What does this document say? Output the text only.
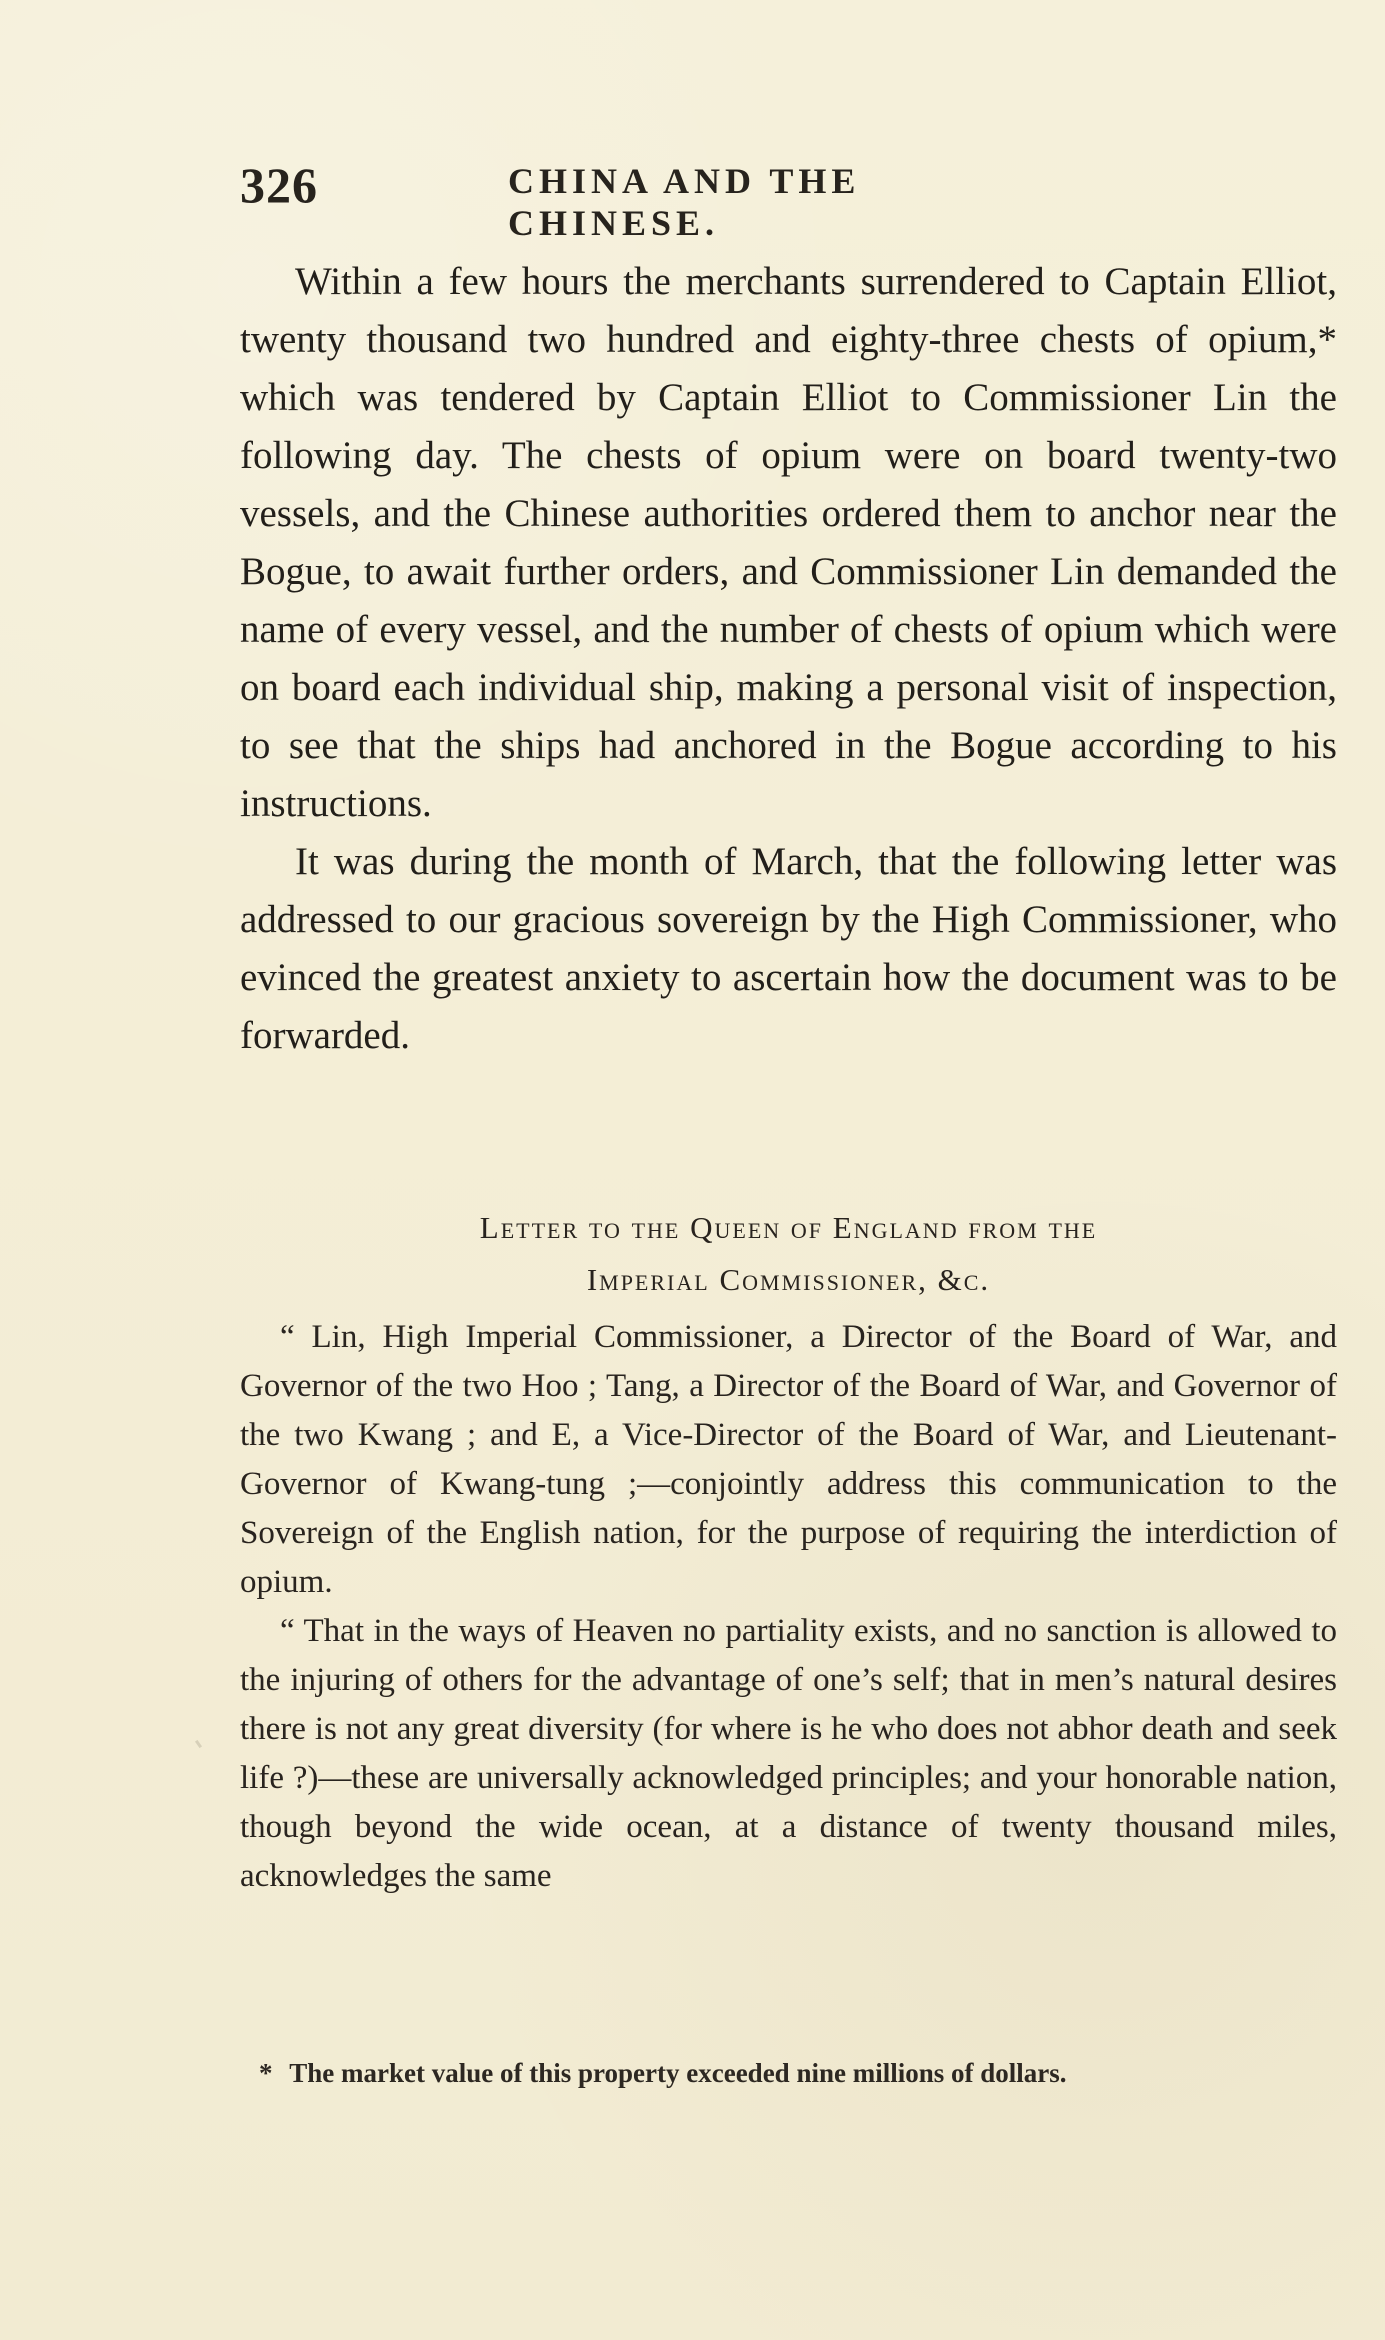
326	CHINA AND THE CHINESE.

Within a few hours the merchants surrendered to Captain Elliot, twenty thousand two hundred and eighty-three chests of opium,* which was tendered by Captain Elliot to Commissioner Lin the following day. The chests of opium were on board twenty-two vessels, and the Chinese authorities ordered them to anchor near the Bogue, to await further orders, and Commissioner Lin demanded the name of every vessel, and the number of chests of opium which were on board each individual ship, making a personal visit of inspection, to see that the ships had anchored in the Bogue according to his instructions.

It was during the month of March, that the following letter was addressed to our gracious sovereign by the High Commissioner, who evinced the greatest anxiety to ascertain how the document was to be forwarded.

Letter to the Queen of England from the
Imperial Commissioner, &c.

“ Lin, High Imperial Commissioner, a Director of the Board of War, and Governor of the two Hoo ; Tang, a Director of the Board of War, and Governor of the two Kwang ; and E, a Vice-Director of the Board of War, and Lieutenant-Governor of Kwang-tung ;—conjointly address this communication to the Sovereign of the English nation, for the purpose of requiring the interdiction of opium.

“ That in the ways of Heaven no partiality exists, and no sanction is allowed to the injuring of others for the advantage of one’s self; that in men’s natural desires there is not any great diversity (for where is he who does not abhor death and seek life ?)—these are universally acknowledged principles; and your honorable nation, though beyond the wide ocean, at a distance of twenty thousand miles, acknowledges the same

* The market value of this property exceeded nine millions of dollars.
